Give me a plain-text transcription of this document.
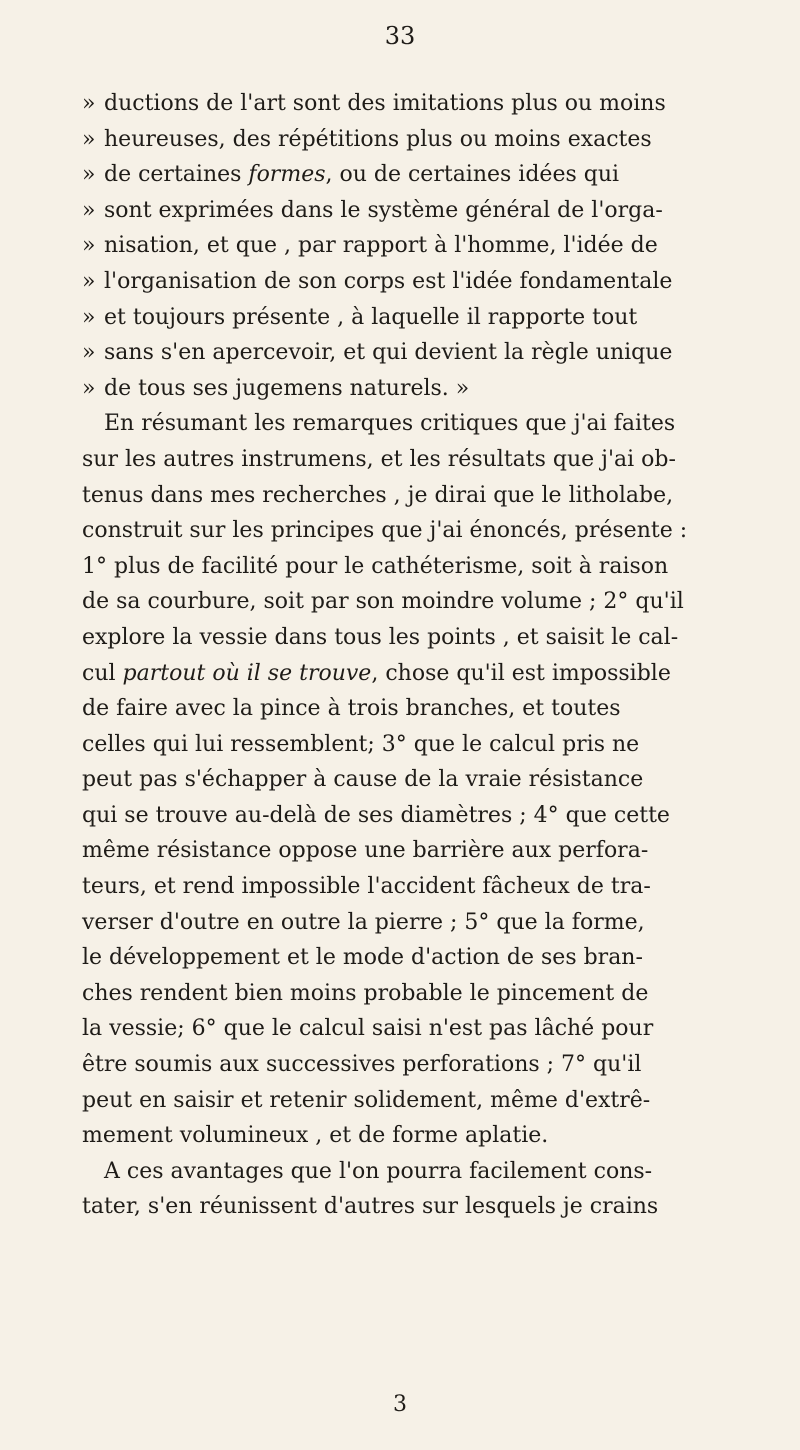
33
» ductions de l'art sont des imitations plus ou moins
» heureuses, des répétitions plus ou moins exactes
» de certaines formes, ou de certaines idées qui
» sont exprimées dans le système général de l'orga-
» nisation, et que , par rapport à l'homme, l'idée de
» l'organisation de son corps est l'idée fondamentale
» et toujours présente , à laquelle il rapporte tout
» sans s'en apercevoir, et qui devient la règle unique
» de tous ses jugemens naturels. »
En résumant les remarques critiques que j'ai faites
sur les autres instrumens, et les résultats que j'ai ob-
tenus dans mes recherches , je dirai que le litholabe,
construit sur les principes que j'ai énoncés, présente :
1° plus de facilité pour le cathéterisme, soit à raison
de sa courbure, soit par son moindre volume ; 2° qu'il
explore la vessie dans tous les points , et saisit le cal-
cul partout où il se trouve, chose qu'il est impossible
de faire avec la pince à trois branches, et toutes
celles qui lui ressemblent; 3° que le calcul pris ne
peut pas s'échapper à cause de la vraie résistance
qui se trouve au-delà de ses diamètres ; 4° que cette
même résistance oppose une barrière aux perfora-
teurs, et rend impossible l'accident fâcheux de tra-
verser d'outre en outre la pierre ; 5° que la forme,
le développement et le mode d'action de ses bran-
ches rendent bien moins probable le pincement de
la vessie; 6° que le calcul saisi n'est pas lâché pour
être soumis aux successives perforations ; 7° qu'il
peut en saisir et retenir solidement, même d'extrê-
mement volumineux , et de forme aplatie.
A ces avantages que l'on pourra facilement cons-
tater, s'en réunissent d'autres sur lesquels je crains
3
